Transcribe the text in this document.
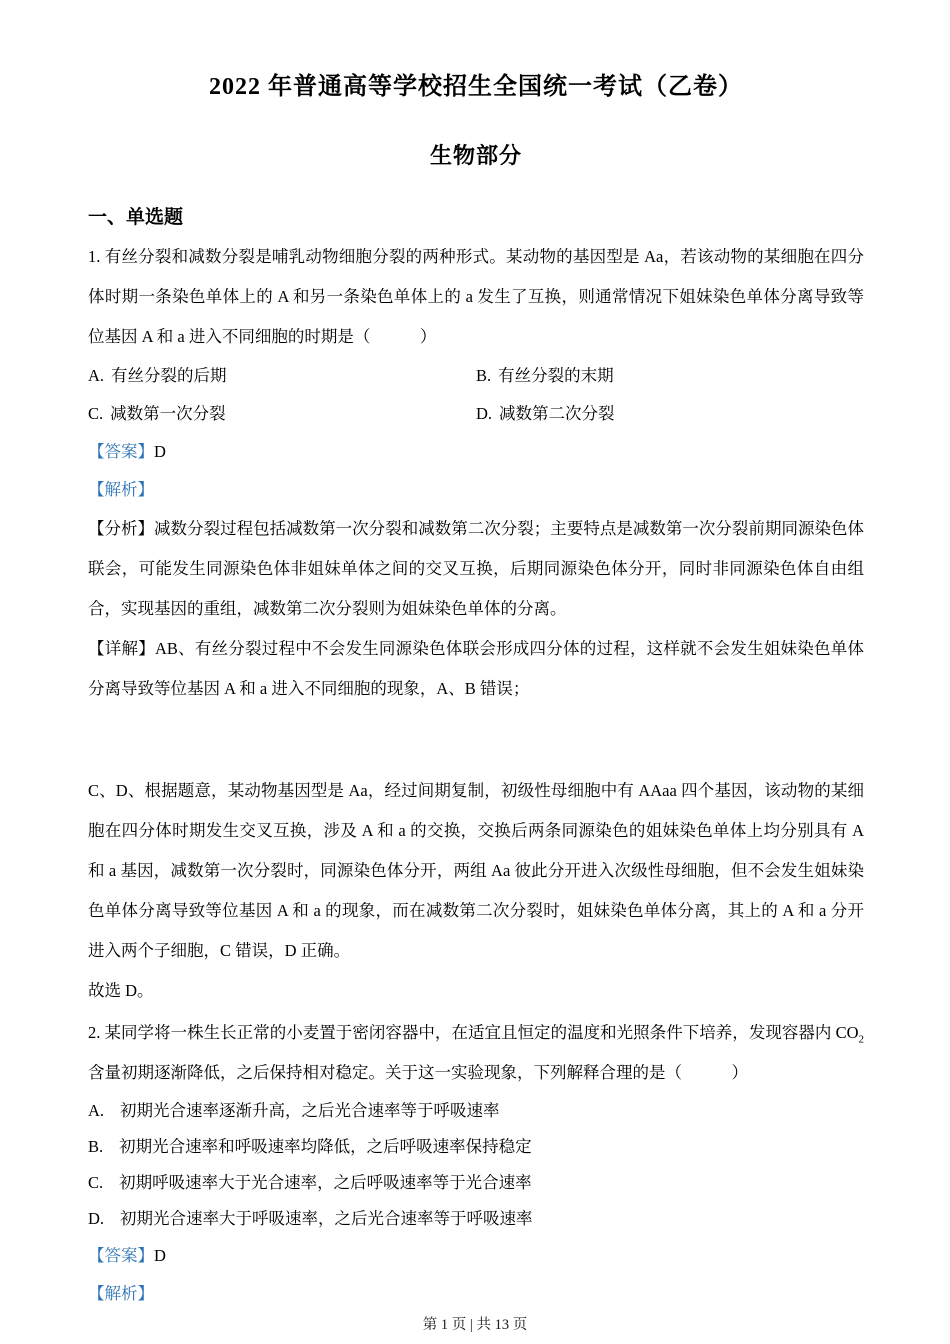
2022 年普通高等学校招生全国统一考试（乙卷）
生物部分
一、单选题

1. 有丝分裂和减数分裂是哺乳动物细胞分裂的两种形式。某动物的基因型是 Aa，若该动物的某细胞在四分体时期一条染色单体上的 A 和另一条染色单体上的 a 发生了互换，则通常情况下姐妹染色单体分离导致等位基因 A 和 a 进入不同细胞的时期是（　　　）

A. 有丝分裂的后期	B. 有丝分裂的末期
C. 减数第一次分裂	D. 减数第二次分裂
【答案】D
【解析】

【分析】减数分裂过程包括减数第一次分裂和减数第二次分裂；主要特点是减数第一次分裂前期同源染色体联会，可能发生同源染色体非姐妹单体之间的交叉互换，后期同源染色体分开，同时非同源染色体自由组合，实现基因的重组，减数第二次分裂则为姐妹染色单体的分离。

【详解】AB、有丝分裂过程中不会发生同源染色体联会形成四分体的过程，这样就不会发生姐妹染色单体分离导致等位基因 A 和 a 进入不同细胞的现象，A、B 错误；

C、D、根据题意，某动物基因型是 Aa，经过间期复制，初级性母细胞中有 AAaa 四个基因，该动物的某细胞在四分体时期发生交叉互换，涉及 A 和 a 的交换，交换后两条同源染色的姐妹染色单体上均分别具有 A 和 a 基因，减数第一次分裂时，同源染色体分开，两组 Aa 彼此分开进入次级性母细胞，但不会发生姐妹染色单体分离导致等位基因 A 和 a 的现象，而在减数第二次分裂时，姐妹染色单体分离，其上的 A 和 a 分开进入两个子细胞，C 错误，D 正确。

故选 D。

2. 某同学将一株生长正常的小麦置于密闭容器中，在适宜且恒定的温度和光照条件下培养，发现容器内 $CO_2$ 含量初期逐渐降低，之后保持相对稳定。关于这一实验现象，下列解释合理的是（　　　）

A. 初期光合速率逐渐升高，之后光合速率等于呼吸速率
B. 初期光合速率和呼吸速率均降低，之后呼吸速率保持稳定
C. 初期呼吸速率大于光合速率，之后呼吸速率等于光合速率
D. 初期光合速率大于呼吸速率，之后光合速率等于呼吸速率
【答案】D
【解析】
第 1 页 | 共 13 页
